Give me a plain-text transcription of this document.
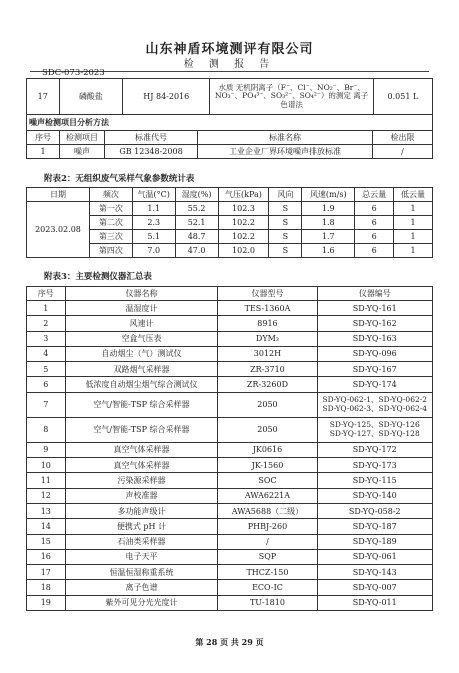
山东神盾环境测评有限公司
检 测 报 告
SDC-073-2023
17	磷酸盐	HJ 84-2016	水质 无机阴离子（F⁻、Cl⁻、NO₂⁻、Br⁻、NO₃⁻、PO₄³⁻、SO₃²⁻、SO₄²⁻）的测定 离子色谱法	0.051 L
噪声检测项目分析方法				
序号	检测项目	标准代号	标准名称	检出限
1	噪声	GB 12348-2008	工业企业厂界环境噪声排放标准	/
附表2：无组织废气采样气象参数统计表
日期	频次	气温(°C)	湿度(%)	气压(kPa)	风向	风速(m/s)	总云量	低云量
2023.02.08	第一次	1.1	55.2	102.3	S	1.9	6	1
	第二次	2.3	52.1	102.2	S	1.8	6	1
	第三次	5.1	48.7	102.2	S	1.7	6	1
	第四次	7.0	47.0	102.0	S	1.6	6	1
附表3：主要检测仪器汇总表
序号	仪器名称	仪器型号	仪器编号
1	温湿度计	TES-1360A	SD-YQ-161
2	风速计	8916	SD-YQ-162
3	空盒气压表	DYM₃	SD-YQ-163
4	自动烟尘（气）测试仪	3012H	SD-YQ-096
5	双路烟气采样器	ZR-3710	SD-YQ-167
6	低浓度自动烟尘烟气综合测试仪	ZR-3260D	SD-YQ-174
7	空气/智能-TSP 综合采样器	2050	SD-YQ-062-1、SD-YQ-062-2
SD-YQ-062-3、SD-YQ-062-4
8	空气/智能-TSP 综合采样器	2050	SD-YQ-125、SD-YQ-126
SD-YQ-127、SD-YQ-128
9	真空气体采样器	JK0616	SD-YQ-172
10	真空气体采样器	JK-1560	SD-YQ-173
11	污染源采样器	SOC	SD-YQ-115
12	声校准器	AWA6221A	SD-YQ-140
13	多功能声级计	AWA5688（二级）	SD-YQ-058-2
14	便携式 pH 计	PHBJ-260	SD-YQ-187
15	石油类采样器	/	SD-YQ-189
16	电子天平	SQP	SD-YQ-061
17	恒温恒湿称重系统	THCZ-150	SD-YQ-143
18	离子色谱	ECO-IC	SD-YQ-007
19	紫外可见分光光度计	TU-1810	SD-YQ-011
第 28 页 共 29 页
